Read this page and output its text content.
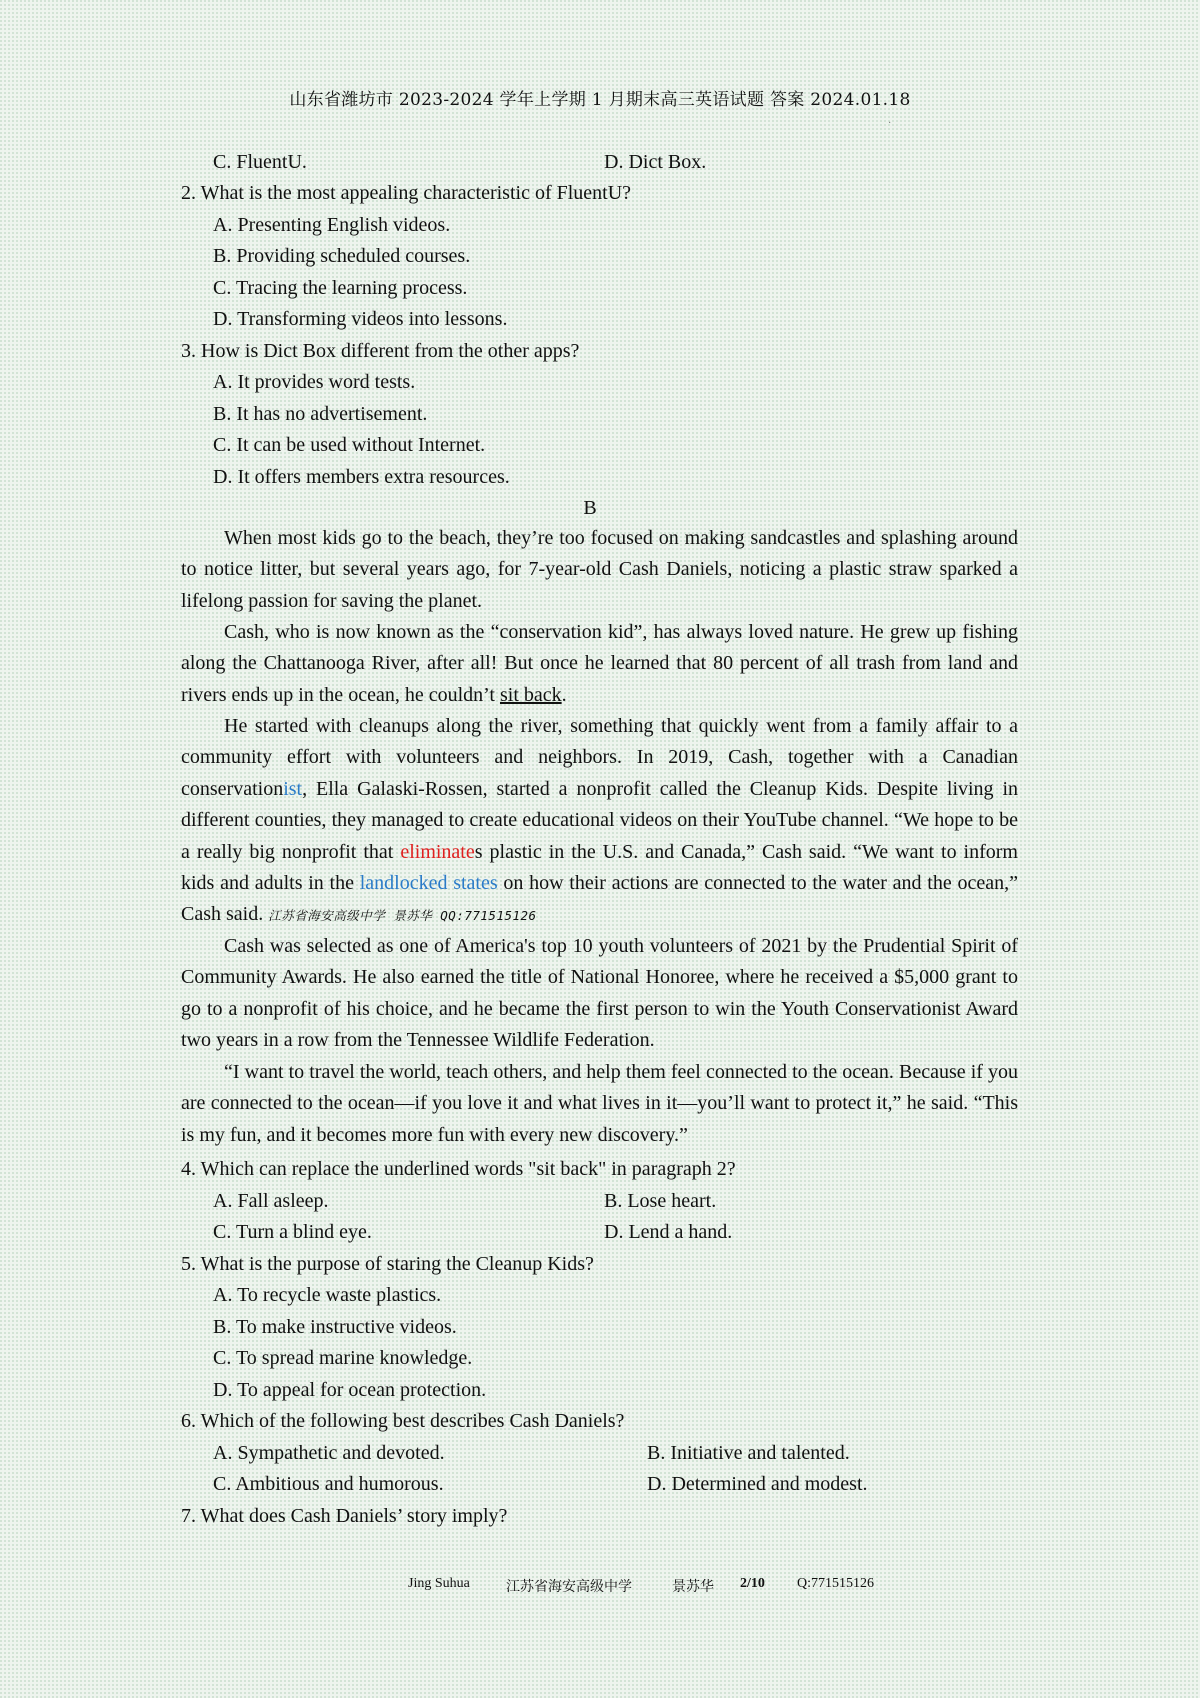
山东省潍坊市 2023-2024 学年上学期 1 月期末高三英语试题 答案 2024.01.18
·
C. FluentU.	D. Dict Box.
2. What is the most appealing characteristic of FluentU?
A. Presenting English videos.
B. Providing scheduled courses.
C. Tracing the learning process.
D. Transforming videos into lessons.
3. How is Dict Box different from the other apps?
A. It provides word tests.
B. It has no advertisement.
C. It can be used without Internet.
D. It offers members extra resources.
B
When most kids go to the beach, they’re too focused on making sandcastles and splashing around to notice litter, but several years ago, for 7-year-old Cash Daniels, noticing a plastic straw sparked a lifelong passion for saving the planet.
Cash, who is now known as the “conservation kid”, has always loved nature. He grew up fishing along the Chattanooga River, after all! But once he learned that 80 percent of all trash from land and rivers ends up in the ocean, he couldn’t sit back.
He started with cleanups along the river, something that quickly went from a family affair to a community effort with volunteers and neighbors. In 2019, Cash, together with a Canadian conservationist, Ella Galaski-Rossen, started a nonprofit called the Cleanup Kids. Despite living in different counties, they managed to create educational videos on their YouTube channel. “We hope to be a really big nonprofit that eliminates plastic in the U.S. and Canada,” Cash said. “We want to inform kids and adults in the landlocked states on how their actions are connected to the water and the ocean,” Cash said. 江苏省海安高级中学 景苏华 QQ:771515126
Cash was selected as one of America's top 10 youth volunteers of 2021 by the Prudential Spirit of Community Awards. He also earned the title of National Honoree, where he received a $5,000 grant to go to a nonprofit of his choice, and he became the first person to win the Youth Conservationist Award two years in a row from the Tennessee Wildlife Federation.
“I want to travel the world, teach others, and help them feel connected to the ocean. Because if you are connected to the ocean—if you love it and what lives in it—you’ll want to protect it,” he said. “This is my fun, and it becomes more fun with every new discovery.”
4. Which can replace the underlined words "sit back" in paragraph 2?
A. Fall asleep.	B. Lose heart.
C. Turn a blind eye.	D. Lend a hand.
5. What is the purpose of staring the Cleanup Kids?
A. To recycle waste plastics.
B. To make instructive videos.
C. To spread marine knowledge.
D. To appeal for ocean protection.
6. Which of the following best describes Cash Daniels?
A. Sympathetic and devoted.	B. Initiative and talented.
C. Ambitious and humorous.	D. Determined and modest.
7. What does Cash Daniels’ story imply?
Jing Suhua	江苏省海安高级中学	景苏华 2/10 Q:771515126
